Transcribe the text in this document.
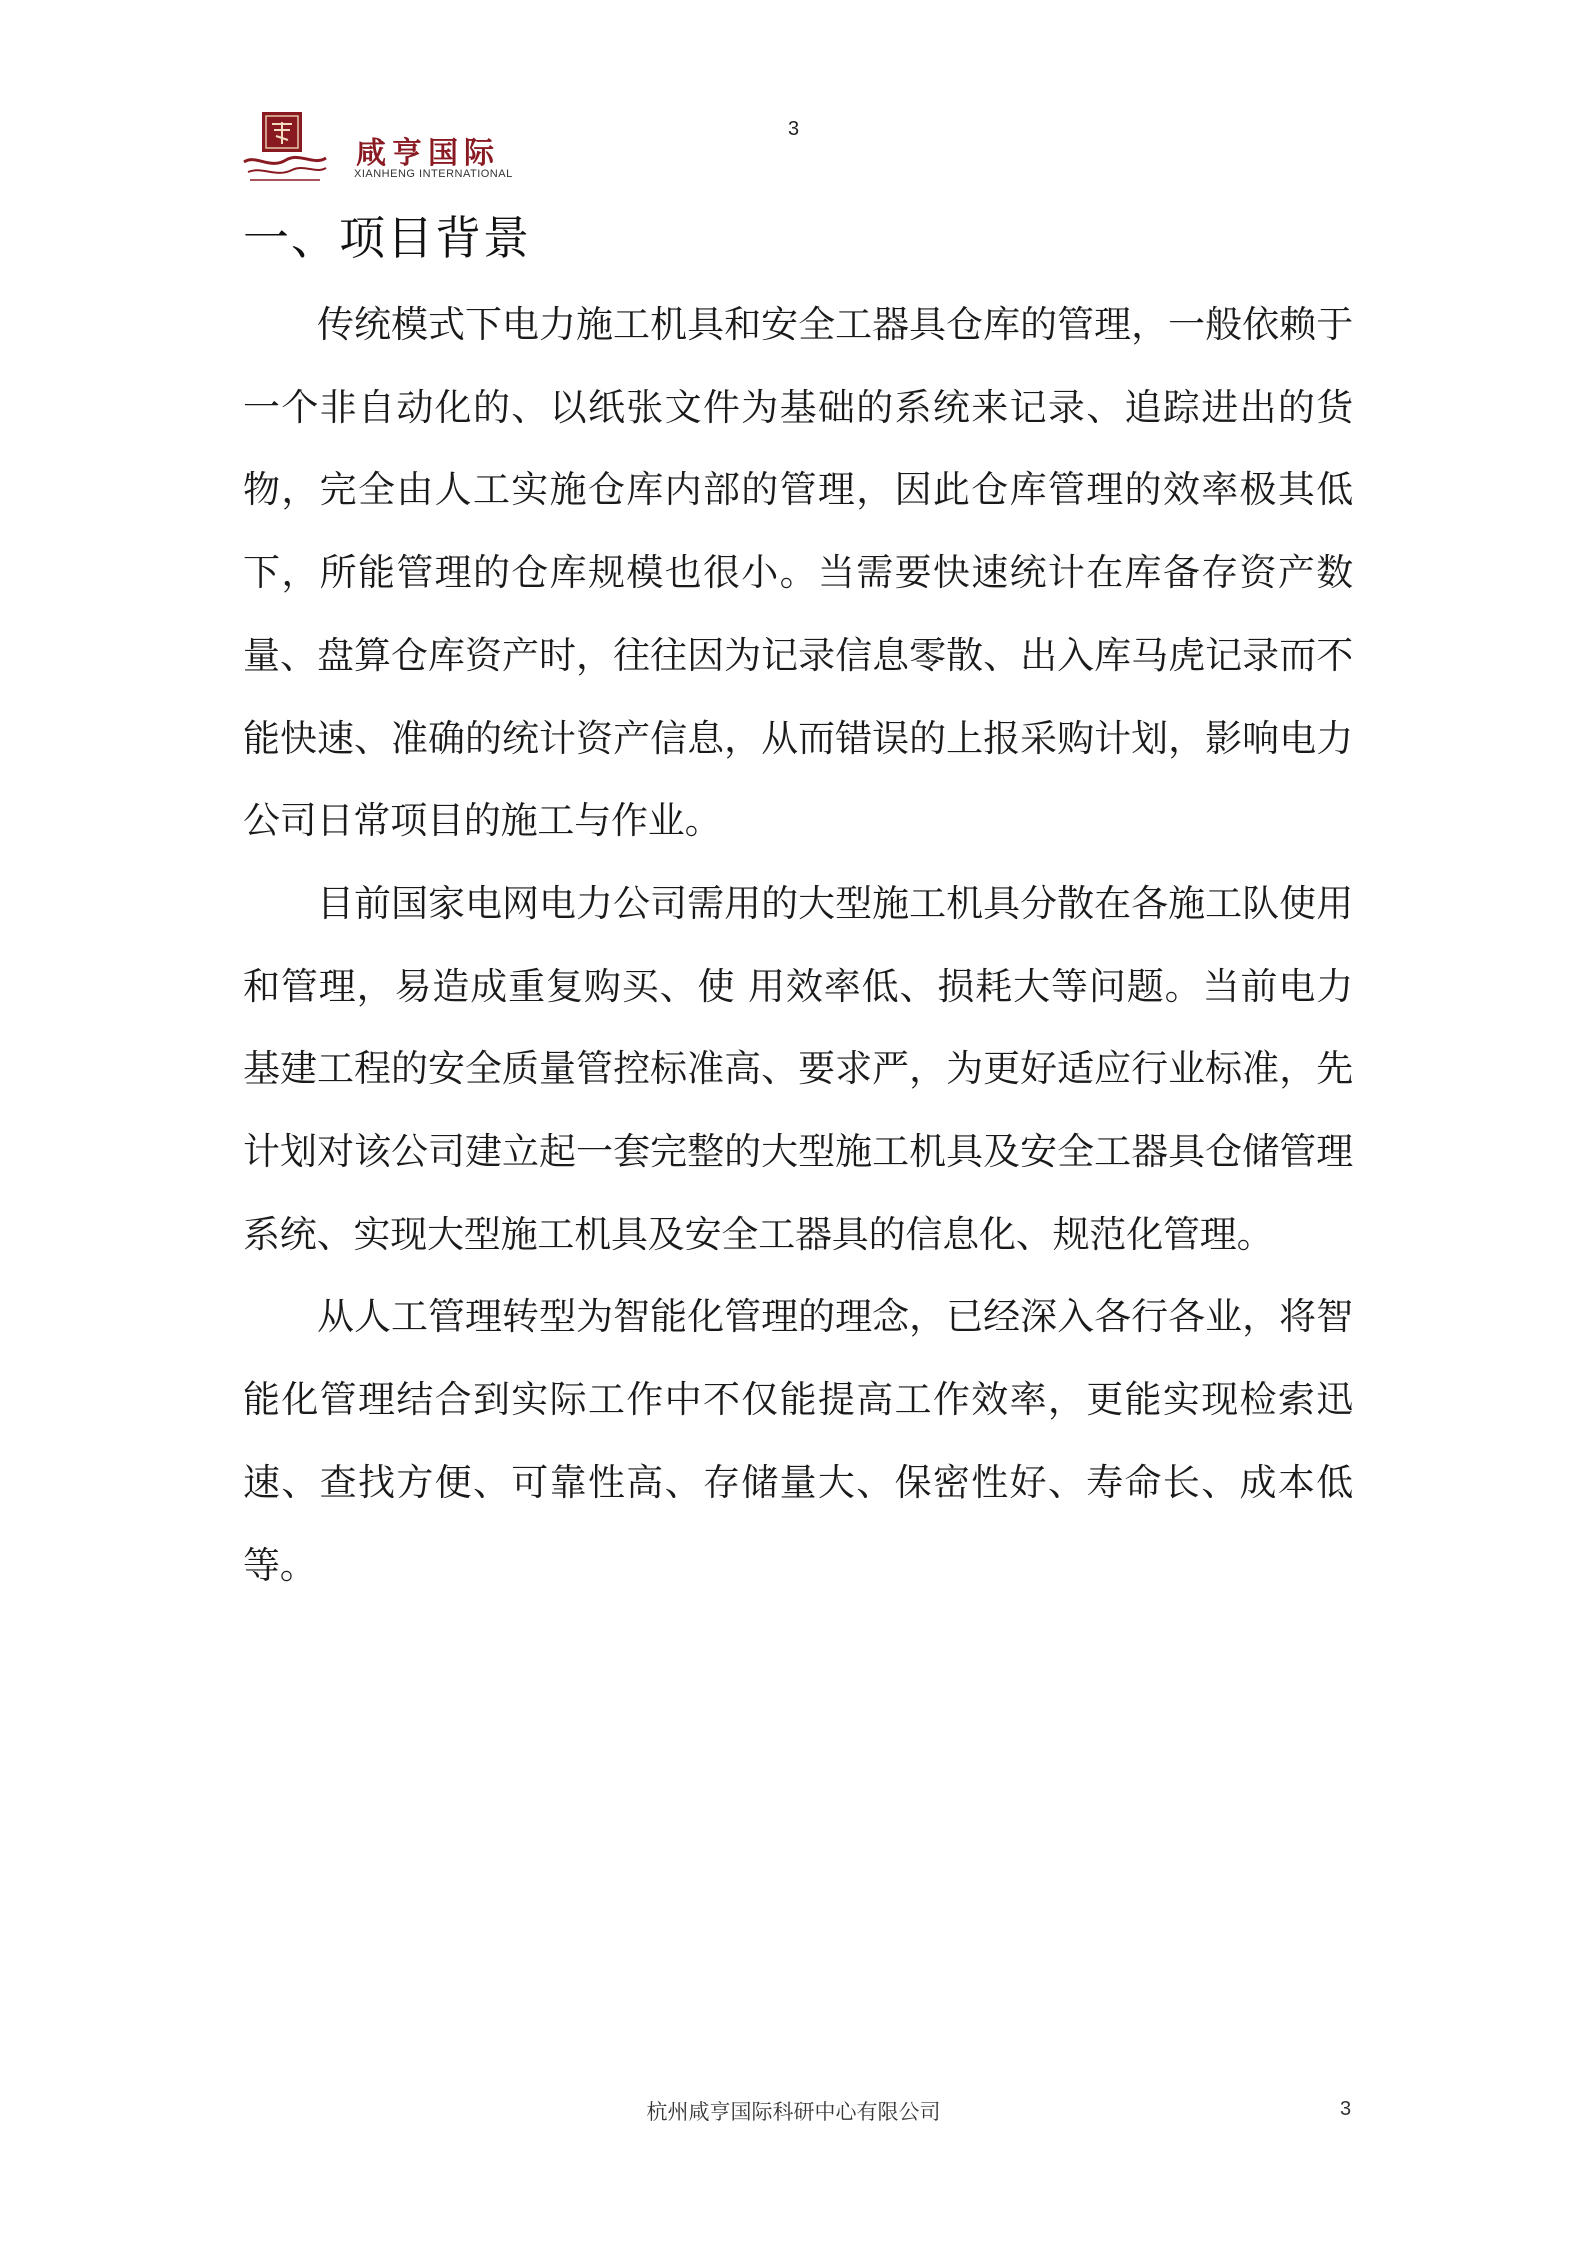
3
咸亨国际
XIANHENG INTERNATIONAL
一、项目背景

传统模式下电力施工机具和安全工器具仓库的管理，一般依赖于一个非自动化的、以纸张文件为基础的系统来记录、追踪进出的货物，完全由人工实施仓库内部的管理，因此仓库管理的效率极其低下，所能管理的仓库规模也很小。当需要快速统计在库备存资产数量、盘算仓库资产时，往往因为记录信息零散、出入库马虎记录而不能快速、准确的统计资产信息，从而错误的上报采购计划，影响电力公司日常项目的施工与作业。

目前国家电网电力公司需用的大型施工机具分散在各施工队使用和管理，易造成重复购买、使 用效率低、损耗大等问题。当前电力基建工程的安全质量管控标准高、要求严，为更好适应行业标准，先计划对该公司建立起一套完整的大型施工机具及安全工器具仓储管理系统、实现大型施工机具及安全工器具的信息化、规范化管理。

从人工管理转型为智能化管理的理念，已经深入各行各业，将智能化管理结合到实际工作中不仅能提高工作效率，更能实现检索迅速、查找方便、可靠性高、存储量大、保密性好、寿命长、成本低等。

杭州咸亨国际科研中心有限公司	3
